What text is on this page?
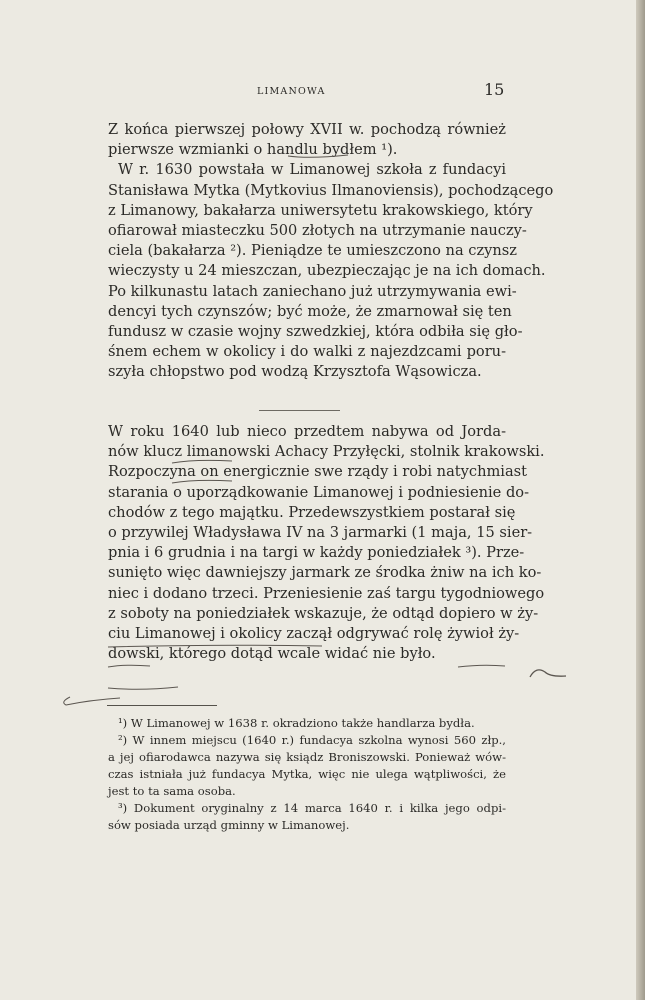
LIMANOWA	15
Z końca pierwszej połowy XVII w. pochodzą również
pierwsze wzmianki o handlu bydłem ¹).
W r. 1630 powstała w Limanowej szkoła z fundacyi
Stanisława Mytka (Mytkovius Ilmanoviensis), pochodzącego
z Limanowy, bakałarza uniwersytetu krakowskiego, który
ofiarował miasteczku 500 złotych na utrzymanie nauczy-
ciela (bakałarza ²). Pieniądze te umieszczono na czynsz
wieczysty u 24 mieszczan, ubezpieczając je na ich domach.
Po kilkunastu latach zaniechano już utrzymywania ewi-
dencyi tych czynszów; być może, że zmarnował się ten
fundusz w czasie wojny szwedzkiej, która odbiła się gło-
śnem echem w okolicy i do walki z najezdzcami poru-
szyła chłopstwo pod wodzą Krzysztofa Wąsowicza.
W roku 1640 lub nieco przedtem nabywa od Jorda-
nów klucz limanowski Achacy Przyłęcki, stolnik krakowski.
Rozpoczyna on energicznie swe rządy i robi natychmiast
starania o uporządkowanie Limanowej i podniesienie do-
chodów z tego majątku. Przedewszystkiem postarał się
o przywilej Władysława IV na 3 jarmarki (1 maja, 15 sier-
pnia i 6 grudnia i na targi w każdy poniedziałek ³). Prze-
sunięto więc dawniejszy jarmark ze środka żniw na ich ko-
niec i dodano trzeci. Przeniesienie zaś targu tygodniowego
z soboty na poniedziałek wskazuje, że odtąd dopiero w ży-
ciu Limanowej i okolicy zaczął odgrywać rolę żywioł ży-
dowski, którego dotąd wcale widać nie było.
¹) W Limanowej w 1638 r. okradziono także handlarza bydła.
²) W innem miejscu (1640 r.) fundacya szkolna wynosi 560 złp.,
a jej ofiarodawca nazywa się ksiądz Broniszowski. Ponieważ wów-
czas istniała już fundacya Mytka, więc nie ulega wątpliwości, że
jest to ta sama osoba.
³) Dokument oryginalny z 14 marca 1640 r. i kilka jego odpi-
sów posiada urząd gminny w Limanowej.
